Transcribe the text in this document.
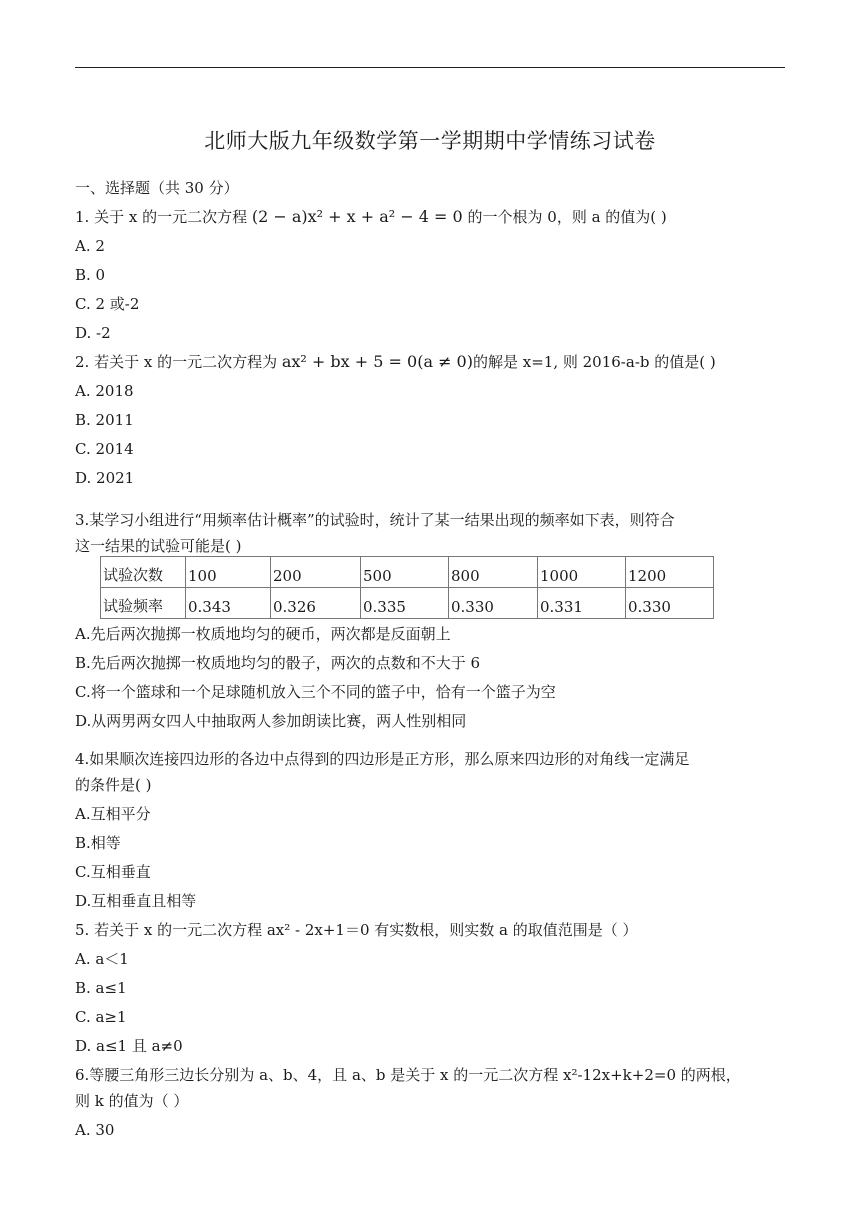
北师大版九年级数学第一学期期中学情练习试卷
一、选择题（共 30 分）
1. 关于 x 的一元二次方程 (2 − a)x² + x + a² − 4 = 0 的一个根为 0，则 a 的值为( )
A. 2
B. 0
C. 2 或-2
D. -2
2. 若关于 x 的一元二次方程为 ax² + bx + 5 = 0(a ≠ 0)的解是 x=1, 则 2016-a-b 的值是( )
A. 2018
B. 2011
C. 2014
D. 2021
3.某学习小组进行“用频率估计概率”的试验时，统计了某一结果出现的频率如下表，则符合
这一结果的试验可能是( )
试验次数	100	200	500	800	1000	1200
试验频率	0.343	0.326	0.335	0.330	0.331	0.330
A.先后两次抛掷一枚质地均匀的硬币，两次都是反面朝上
B.先后两次抛掷一枚质地均匀的骰子，两次的点数和不大于 6
C.将一个篮球和一个足球随机放入三个不同的篮子中，恰有一个篮子为空
D.从两男两女四人中抽取两人参加朗读比赛，两人性别相同
4.如果顺次连接四边形的各边中点得到的四边形是正方形，那么原来四边形的对角线一定满足
的条件是( )
A.互相平分
B.相等
C.互相垂直
D.互相垂直且相等
5. 若关于 x 的一元二次方程 ax² ‐ 2x+1＝0 有实数根，则实数 a 的取值范围是（ ）
A. a＜1
B. a≤1
C. a≥1
D. a≤1 且 a≠0
6.等腰三角形三边长分别为 a、b、4，且 a、b 是关于 x 的一元二次方程 x²-12x+k+2=0 的两根，
则 k 的值为（ ）
A. 30
